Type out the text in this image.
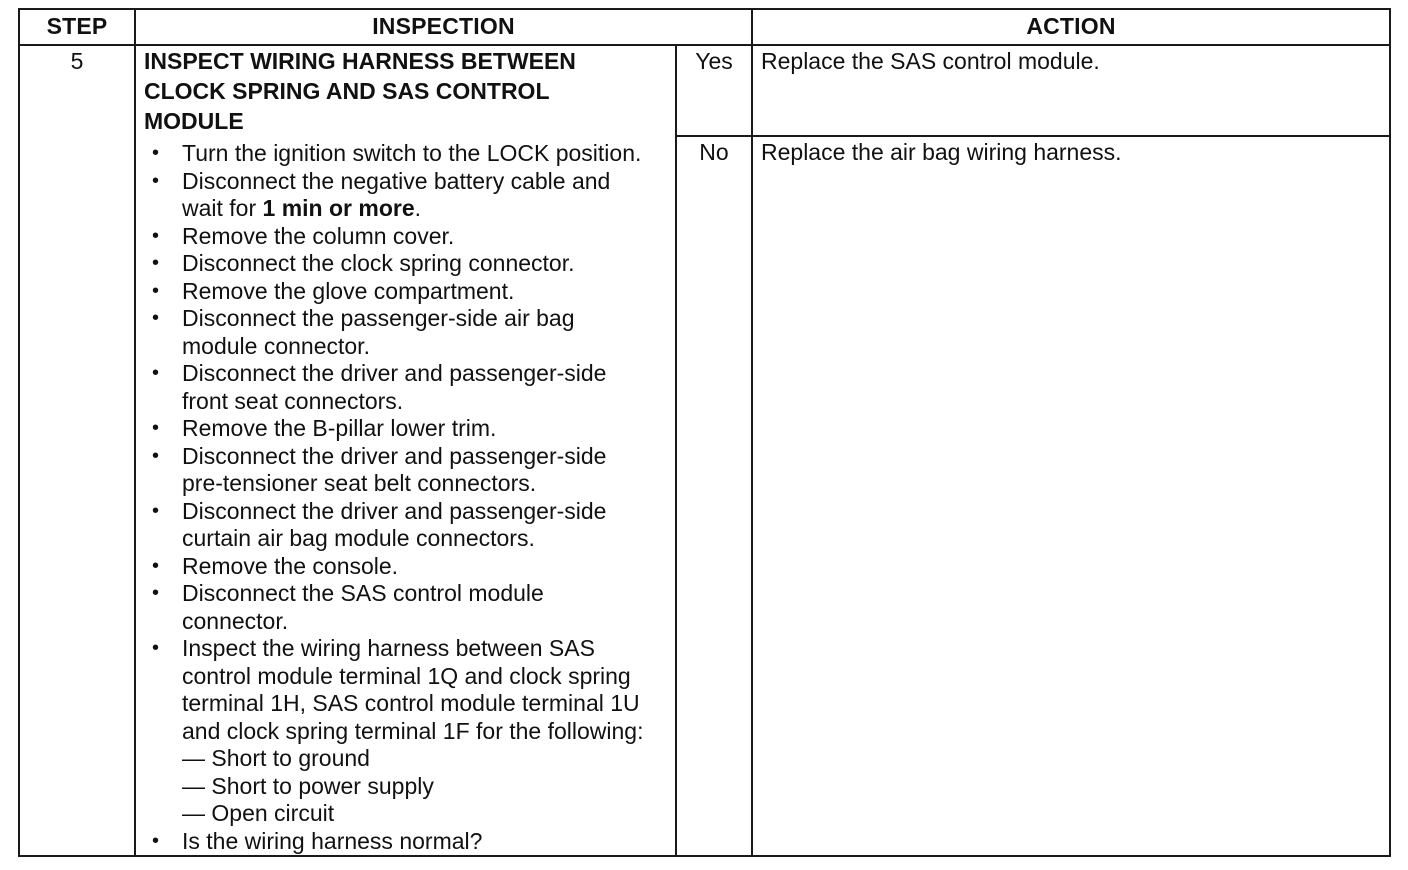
STEP	INSPECTION	ACTION
5	INSPECT WIRING HARNESS BETWEEN
CLOCK SPRING AND SAS CONTROL
MODULE
• Turn the ignition switch to the LOCK position.
• Disconnect the negative battery cable and
wait for 1 min or more.
• Remove the column cover.
• Disconnect the clock spring connector.
• Remove the glove compartment.
• Disconnect the passenger-side air bag
module connector.
• Disconnect the driver and passenger-side
front seat connectors.
• Remove the B-pillar lower trim.
• Disconnect the driver and passenger-side
pre-tensioner seat belt connectors.
• Disconnect the driver and passenger-side
curtain air bag module connectors.
• Remove the console.
• Disconnect the SAS control module
connector.
• Inspect the wiring harness between SAS
control module terminal 1Q and clock spring
terminal 1H, SAS control module terminal 1U
and clock spring terminal 1F for the following:
— Short to ground
— Short to power supply
— Open circuit
• Is the wiring harness normal?
Yes	Replace the SAS control module.
No	Replace the air bag wiring harness.
